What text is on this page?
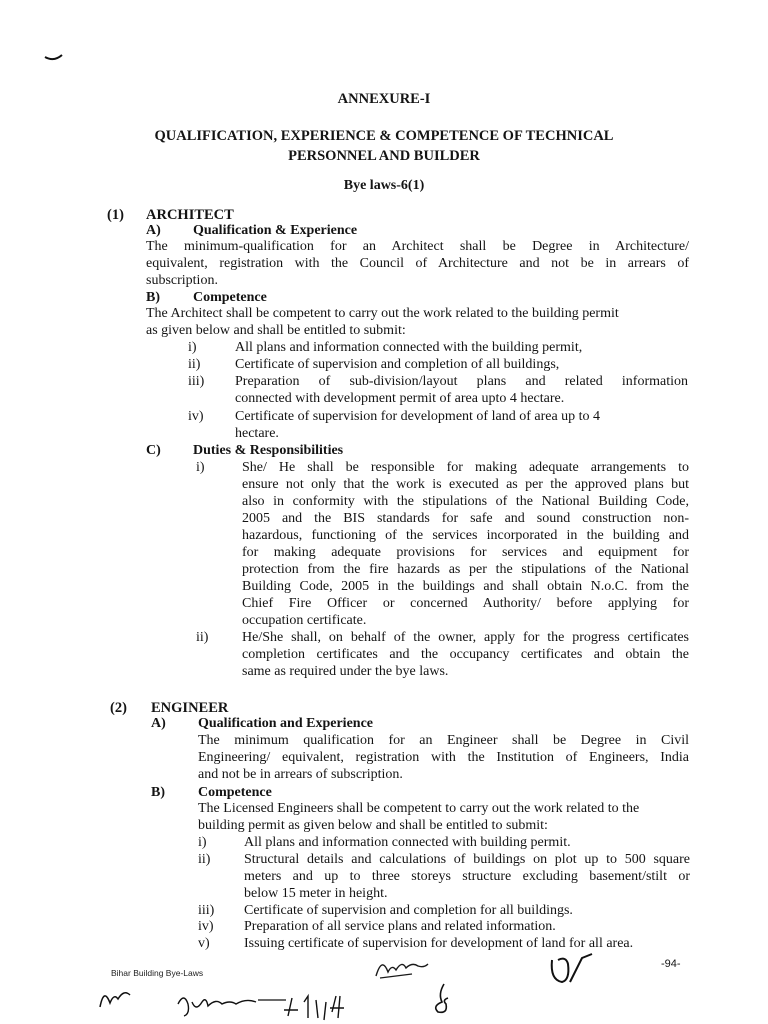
ANNEXURE-I
QUALIFICATION, EXPERIENCE & COMPETENCE OF TECHNICAL
PERSONNEL AND BUILDER
Bye laws-6(1)
(1) ARCHITECT
A) Qualification & Experience
The minimum-qualification for an Architect shall be Degree in Architecture/
equivalent, registration with the Council of Architecture and not be in arrears of
subscription.
B) Competence
The Architect shall be competent to carry out the work related to the building permit
as given below and shall be entitled to submit:
i)	All plans and information connected with the building permit,
ii) Certificate of supervision and completion of all buildings,
iii) Preparation of sub-division/layout plans and related information
connected with development permit of area upto 4 hectare.
iv) Certificate of supervision for development of land of area up to 4
hectare.
C) Duties & Responsibilities
i)	She/ He shall be responsible for making adequate arrangements to
ensure not only that the work is executed as per the approved plans but
also in conformity with the stipulations of the National Building Code,
2005 and the BIS standards for safe and sound construction non-
hazardous, functioning of the services incorporated in the building and
for making adequate provisions for services and equipment for
protection from the fire hazards as per the stipulations of the National
Building Code, 2005 in the buildings and shall obtain N.o.C. from the
Chief Fire Officer or concerned Authority/ before applying for
occupation certificate.
ii) He/She shall, on behalf of the owner, apply for the progress certificates
completion certificates and the occupancy certificates and obtain the
same as required under the bye laws.
(2) ENGINEER
A) Qualification and Experience
The minimum qualification for an Engineer shall be Degree in Civil
Engineering/ equivalent, registration with the Institution of Engineers, India
and not be in arrears of subscription.
B) Competence
The Licensed Engineers shall be competent to carry out the work related to the
building permit as given below and shall be entitled to submit:
i)	All plans and information connected with building permit.
ii) Structural details and calculations of buildings on plot up to 500 square
meters and up to three storeys structure excluding basement/stilt or
below 15 meter in height.
iii) Certificate of supervision and completion for all buildings.
iv) Preparation of all service plans and related information.
v) Issuing certificate of supervision for development of land for all area.
Bihar Building Bye-Laws
-94-
